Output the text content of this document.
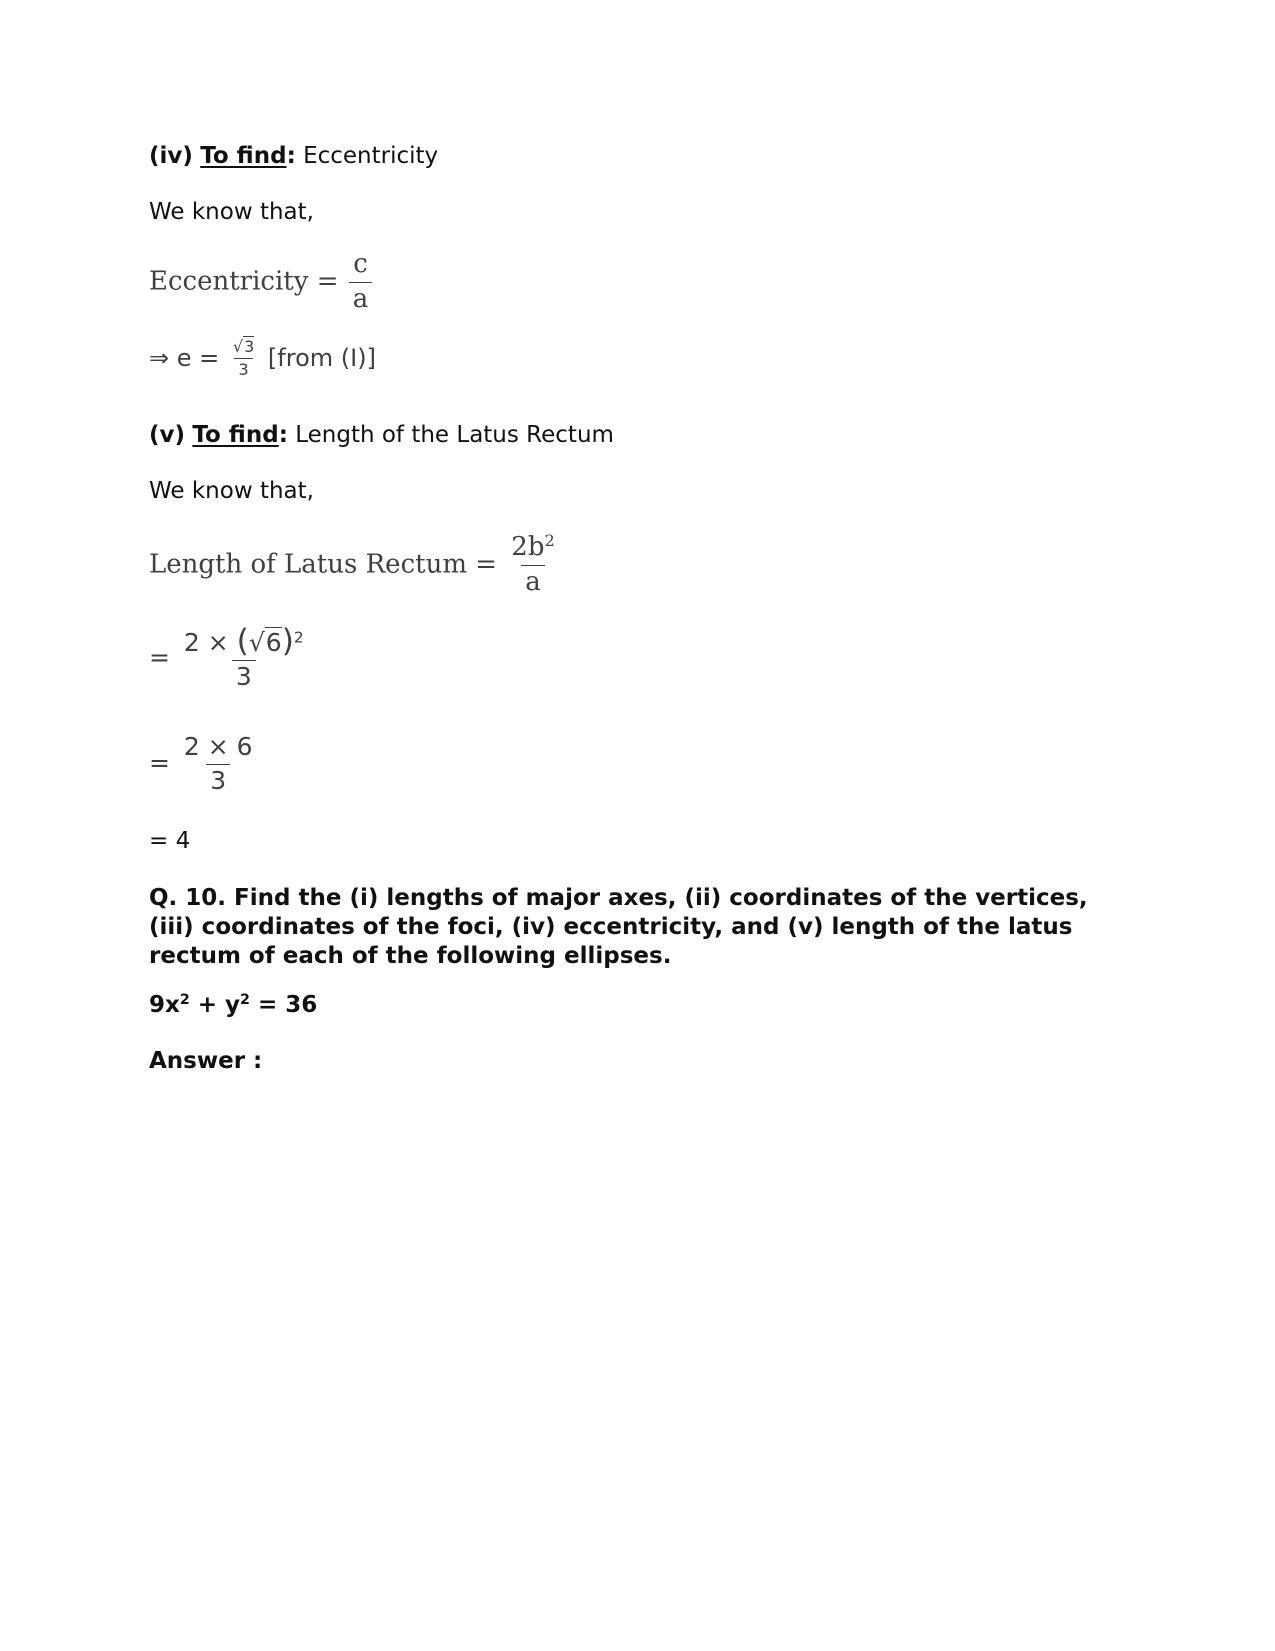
(iv) To find: Eccentricity
We know that,
Eccentricity = $\frac{c}{a}$
⇒ $e = \frac{√3}{3}$ [from (I)]
(v) To find: Length of the Latus Rectum
We know that,
Length of Latus Rectum = $\frac{2b^2}{a}$
= $\frac{2 \times (√6)^2}{3}$
= $\frac{2 \times 6}{3}$
= 4
Q. 10. Find the (i) lengths of major axes, (ii) coordinates of the vertices, (iii) coordinates of the foci, (iv) eccentricity, and (v) length of the latus rectum of each of the following ellipses.
$9x^2 + y^2 = 36$
Answer :
